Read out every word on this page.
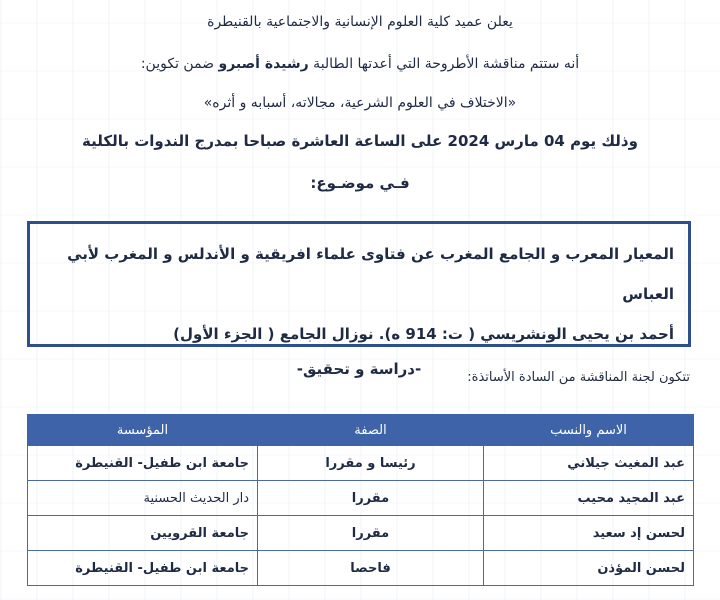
يعلن عميد كلية العلوم الإنسانية والاجتماعية بالقنيطرة
أنه ستتم مناقشة الأطروحة التي أعدتها الطالبة رشيدة أصبرو ضمن تكوين:
«الاختلاف في العلوم الشرعية، مجالاته، أسبابه و أثره»
وذلك يوم 04 مارس 2024 على الساعة العاشرة صباحا بمدرج الندوات بالكلية
فـي موضـوع:
المعيار المعرب و الجامع المغرب عن فتاوى علماء افريقية و الأندلس و المغرب لأبي العباس
أحمد بن يحيى الونشريسي ( ت: 914 ه). نوزال الجامع ( الجزء الأول)
-دراسة و تحقيق-	تتكون لجنة المناقشة من السادة الأساتذة:
الاسم والنسب	الصفة	المؤسسة
عبد المغيث جيلاني	رئيسا و مقررا	جامعة ابن طفيل- القنيطرة
عبد المجيد محيب	مقررا	دار الحديث الحسنية
لحسن إد سعيد	مقررا	جامعة القرويين
لحسن المؤذن	فاحصا	جامعة ابن طفيل- القنيطرة
